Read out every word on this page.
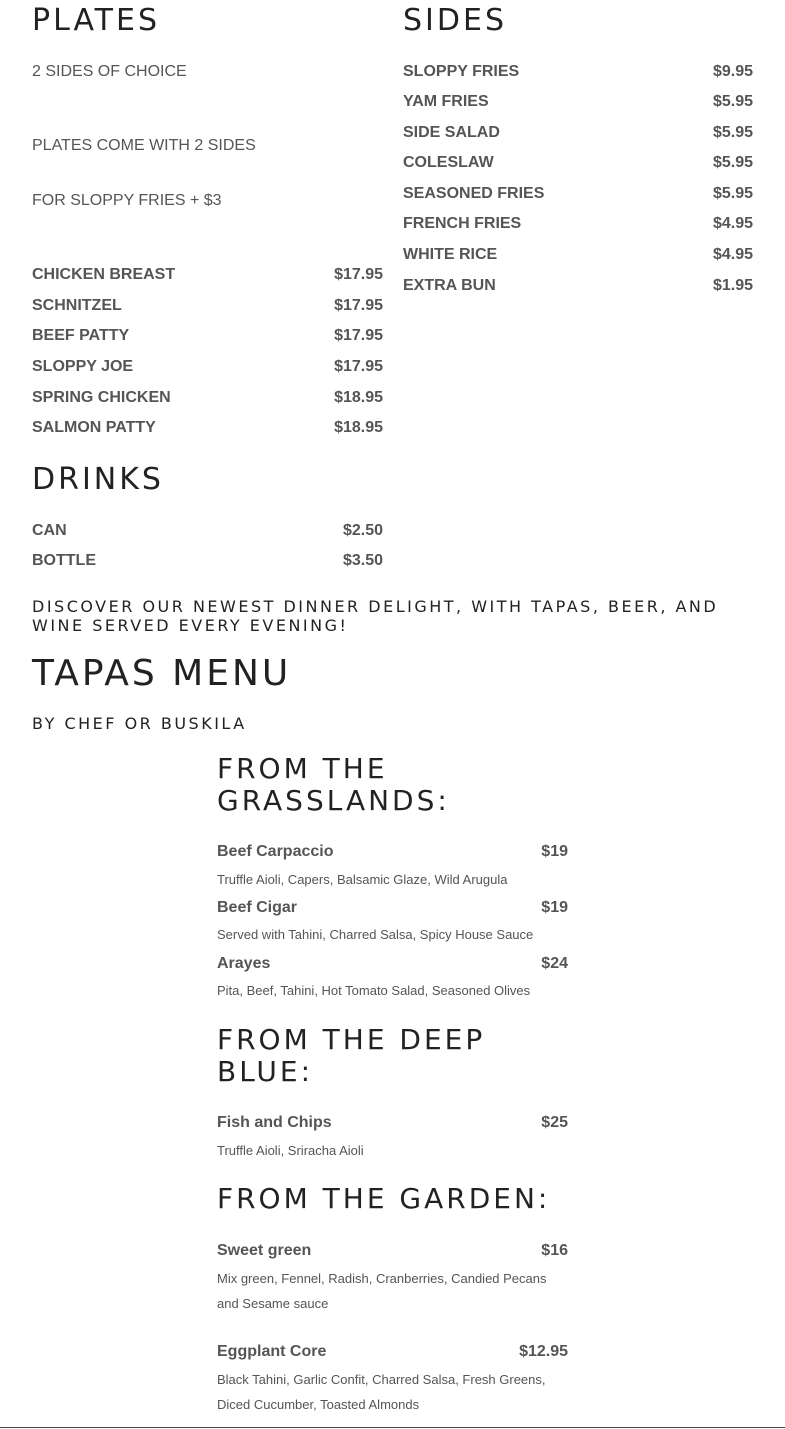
PLATES
2 SIDES OF CHOICE
PLATES COME WITH 2 SIDES
FOR SLOPPY FRIES + $3
CHICKEN BREAST	$17.95
SCHNITZEL	$17.95
BEEF PATTY	$17.95
SLOPPY JOE	$17.95
SPRING CHICKEN	$18.95
SALMON PATTY	$18.95
SIDES
SLOPPY FRIES	$9.95
YAM FRIES	$5.95
SIDE SALAD	$5.95
COLESLAW	$5.95
SEASONED FRIES	$5.95
FRENCH FRIES	$4.95
WHITE RICE	$4.95
EXTRA BUN	$1.95
DRINKS
CAN	$2.50
BOTTLE	$3.50
DISCOVER OUR NEWEST DINNER DELIGHT, WITH TAPAS, BEER, AND WINE SERVED EVERY EVENING!
TAPAS MENU
BY CHEF OR BUSKILA
FROM THE GRASSLANDS:
Beef Carpaccio	$19
Truffle Aioli, Capers, Balsamic Glaze, Wild Arugula
Beef Cigar	$19
Served with Tahini, Charred Salsa, Spicy House Sauce
Arayes	$24
Pita, Beef, Tahini, Hot Tomato Salad, Seasoned Olives
FROM THE DEEP BLUE:
Fish and Chips	$25
Truffle Aioli, Sriracha Aioli
FROM THE GARDEN:
Sweet green	$16
Mix green, Fennel, Radish, Cranberries, Candied Pecans and Sesame sauce
Eggplant Core	$12.95
Black Tahini, Garlic Confit, Charred Salsa, Fresh Greens, Diced Cucumber, Toasted Almonds
